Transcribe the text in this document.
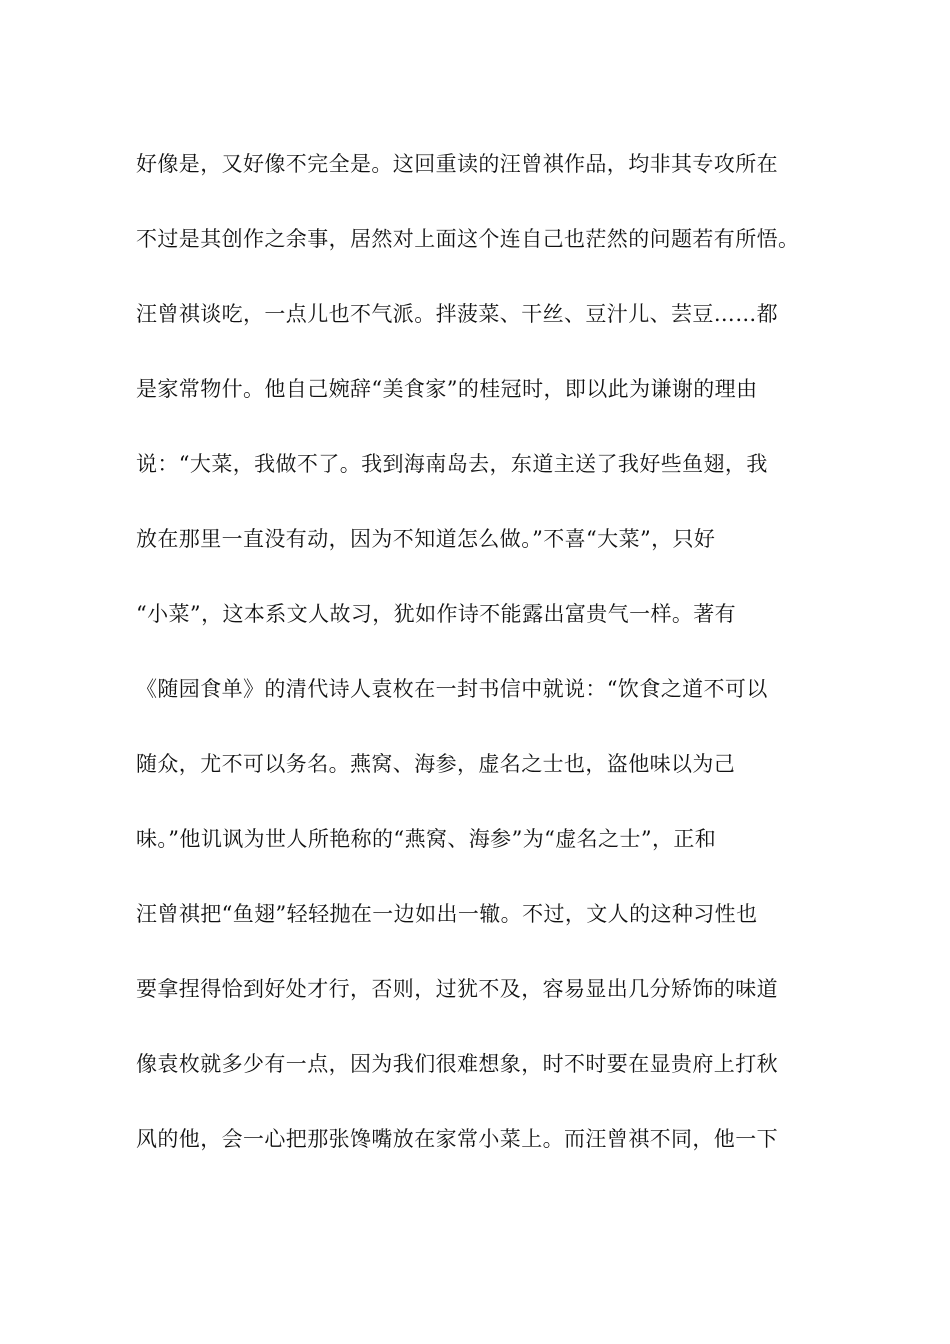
好像是，又好像不完全是。这回重读的汪曾祺作品，均非其专攻所在
不过是其创作之余事，居然对上面这个连自己也茫然的问题若有所悟。
汪曾祺谈吃，一点儿也不气派。拌菠菜、干丝、豆汁儿、芸豆……都
是家常物什。他自己婉辞“美食家”的桂冠时，即以此为谦谢的理由
说：“大菜，我做不了。我到海南岛去，东道主送了我好些鱼翅，我
放在那里一直没有动，因为不知道怎么做。”不喜“大菜”，只好
“小菜”，这本系文人故习，犹如作诗不能露出富贵气一样。著有
《随园食单》的清代诗人袁枚在一封书信中就说：“饮食之道不可以
随众，尤不可以务名。燕窝、海参，虚名之士也，盗他味以为己
味。”他讥讽为世人所艳称的“燕窝、海参”为“虚名之士”，正和
汪曾祺把“鱼翅”轻轻抛在一边如出一辙。不过，文人的这种习性也
要拿捏得恰到好处才行，否则，过犹不及，容易显出几分矫饰的味道
像袁枚就多少有一点，因为我们很难想象，时不时要在显贵府上打秋
风的他，会一心把那张馋嘴放在家常小菜上。而汪曾祺不同，他一下
